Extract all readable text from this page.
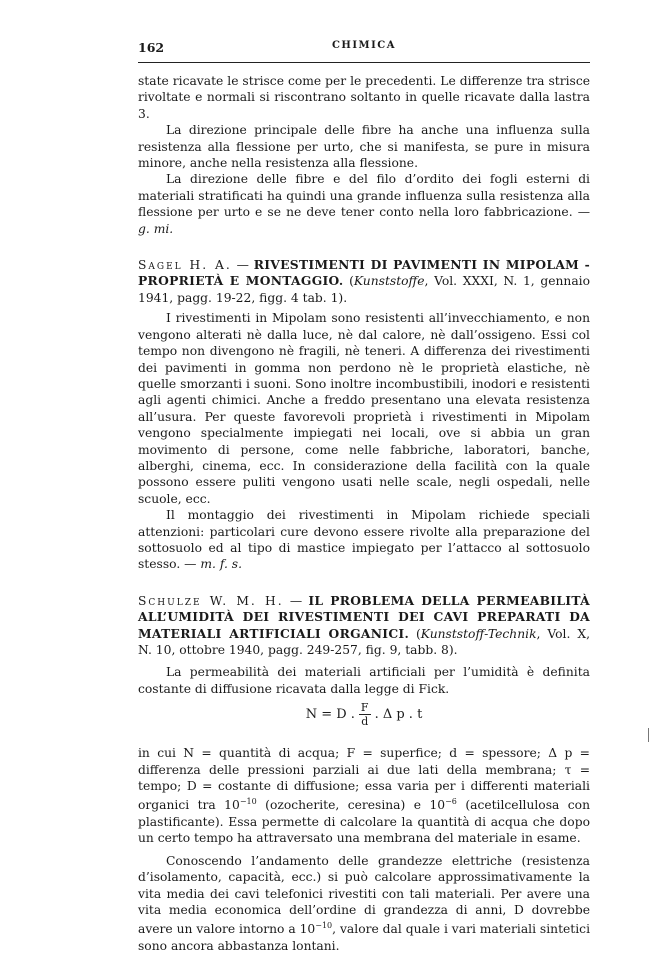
162	CHIMICA

state ricavate le strisce come per le precedenti. Le differenze tra strisce rivoltate e normali si riscontrano soltanto in quelle ricavate dalla lastra 3.

La direzione principale delle fibre ha anche una influenza sulla resistenza alla flessione per urto, che si manifesta, se pure in misura minore, anche nella resistenza alla flessione.

La direzione delle fibre e del filo d’ordito dei fogli esterni di materiali stratificati ha quindi una grande influenza sulla resistenza alla flessione per urto e se ne deve tener conto nella loro fabbricazione. — g. mi.

Sagel H. A. — RIVESTIMENTI DI PAVIMENTI IN MIPOLAM - PROPRIETÀ E MONTAGGIO. (Kunststoffe, Vol. XXXI, N. 1, gennaio 1941, pagg. 19-22, figg. 4 tab. 1).

I rivestimenti in Mipolam sono resistenti all’invecchiamento, e non vengono alterati nè dalla luce, nè dal calore, nè dall’ossigeno. Essi col tempo non divengono nè fragili, nè teneri. A differenza dei rivestimenti dei pavimenti in gomma non perdono nè le proprietà elastiche, nè quelle smorzanti i suoni. Sono inoltre incombustibili, inodori e resistenti agli agenti chimici. Anche a freddo presentano una elevata resistenza all’usura. Per queste favorevoli proprietà i rivestimenti in Mipolam vengono specialmente impiegati nei locali, ove si abbia un gran movimento di persone, come nelle fabbriche, laboratori, banche, alberghi, cinema, ecc. In considerazione della facilità con la quale possono essere puliti vengono usati nelle scale, negli ospedali, nelle scuole, ecc.

Il montaggio dei rivestimenti in Mipolam richiede speciali attenzioni: particolari cure devono essere rivolte alla preparazione del sottosuolo ed al tipo di mastice impiegato per l’attacco al sottosuolo stesso. — m. f. s.

Schulze W. M. H. — IL PROBLEMA DELLA PERMEABILITÀ ALL’UMIDITÀ DEI RIVESTIMENTI DEI CAVI PREPARATI DA MATERIALI ARTIFICIALI ORGANICI. (Kunststoff-Technik, Vol. X, N. 10, ottobre 1940, pagg. 249-257, fig. 9, tabb. 8).

La permeabilità dei materiali artificiali per l’umidità è definita costante di diffusione ricavata dalla legge di Fick.

N = D . $\frac{F}{d}$ . Δ p . t

in cui N = quantità di acqua; F = superfice; d = spessore; Δ p = differenza delle pressioni parziali ai due lati della membrana; τ = tempo; D = costante di diffusione; essa varia per i differenti materiali organici tra $10^{-10}$ (ozocherite, ceresina) e $10^{-6}$ (acetilcellulosa con plastificante). Essa permette di calcolare la quantità di acqua che dopo un certo tempo ha attraversato una membrana del materiale in esame.

Conoscendo l’andamento delle grandezze elettriche (resistenza d’isolamento, capacità, ecc.) si può calcolare approssimativamente la vita media dei cavi telefonici rivestiti con tali materiali. Per avere una vita media economica dell’ordine di grandezza di anni, D dovrebbe avere un valore intorno a $10^{-10}$, valore dal quale i vari materiali sintetici sono ancora abbastanza lontani.
